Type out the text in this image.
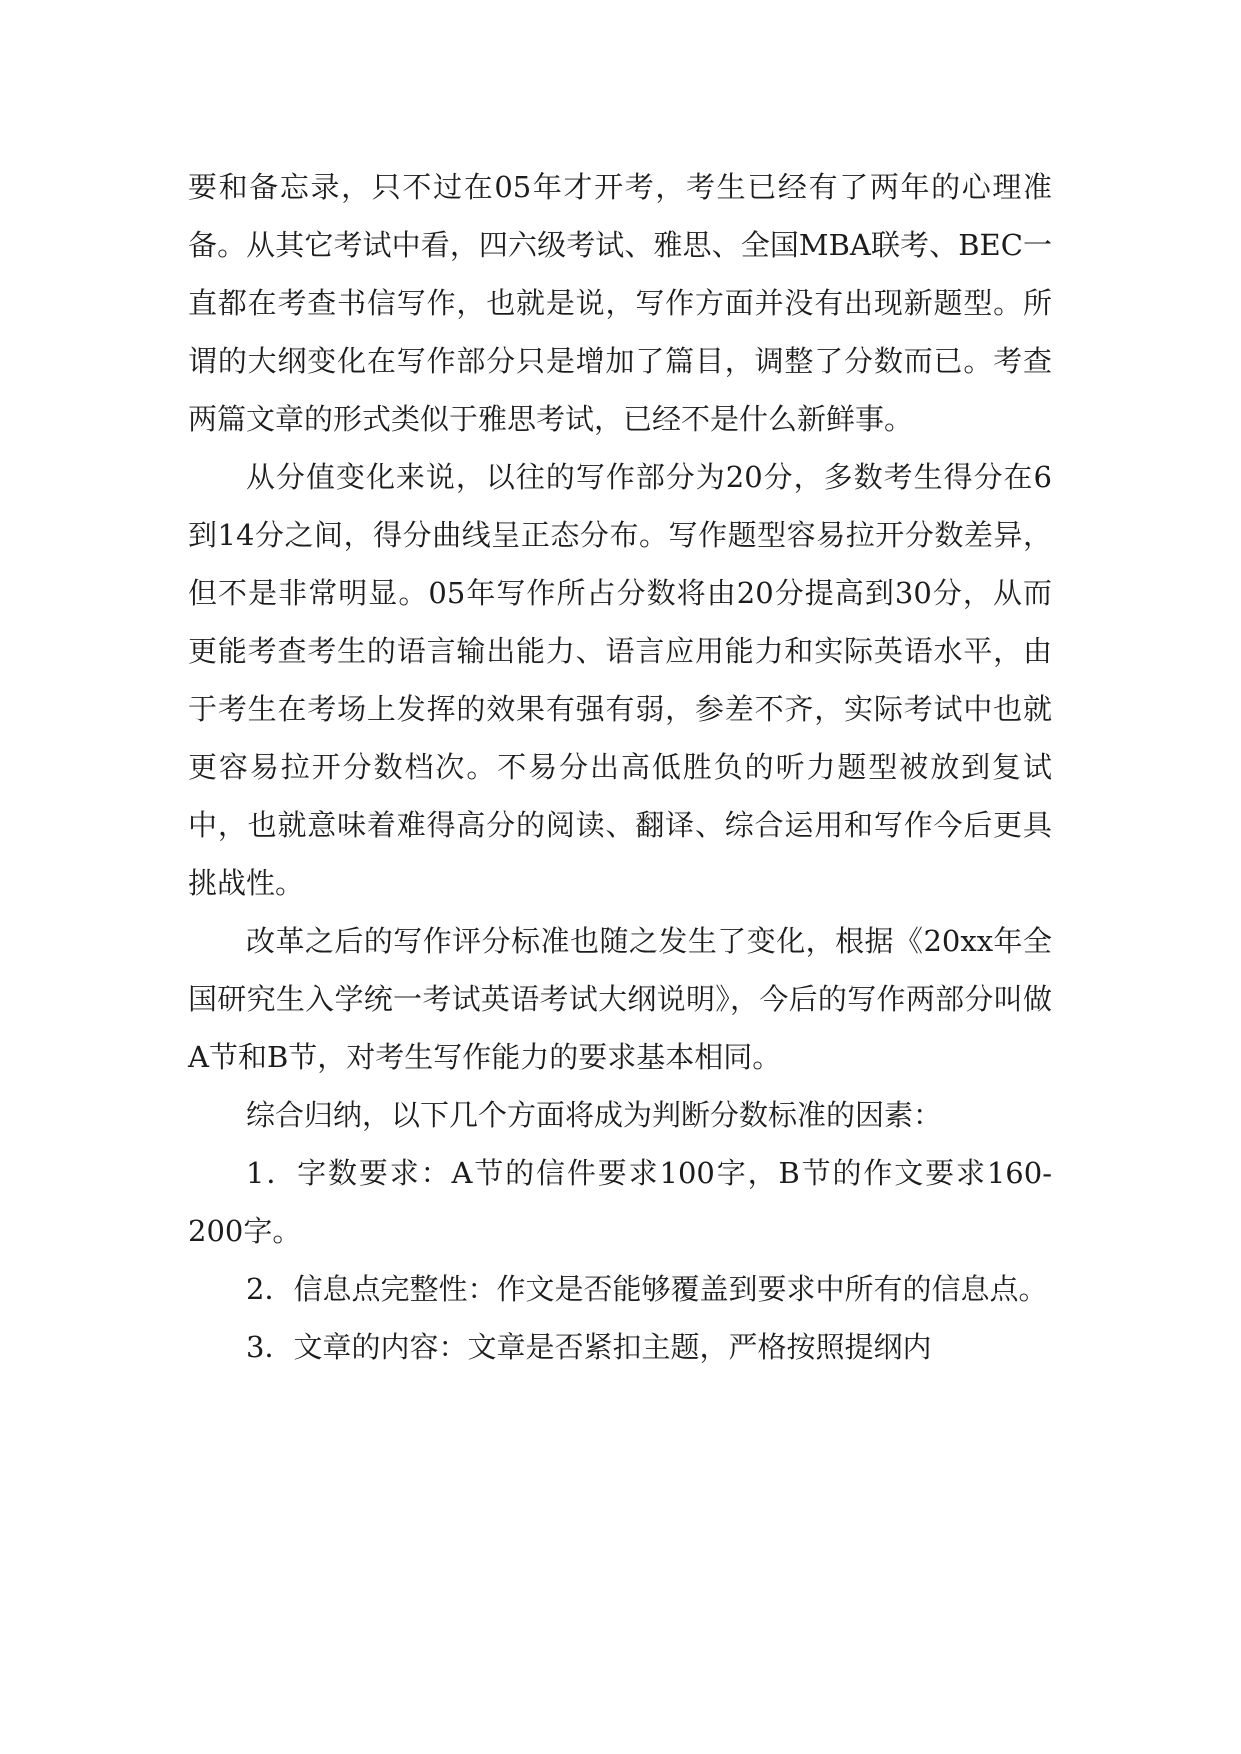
要和备忘录，只不过在05年才开考，考生已经有了两年的心理准备。从其它考试中看，四六级考试、雅思、全国MBA联考、BEC一直都在考查书信写作，也就是说，写作方面并没有出现新题型。所谓的大纲变化在写作部分只是增加了篇目，调整了分数而已。考查两篇文章的形式类似于雅思考试，已经不是什么新鲜事。

从分值变化来说，以往的写作部分为20分，多数考生得分在6到14分之间，得分曲线呈正态分布。写作题型容易拉开分数差异，但不是非常明显。05年写作所占分数将由20分提高到30分，从而更能考查考生的语言输出能力、语言应用能力和实际英语水平，由于考生在考场上发挥的效果有强有弱，参差不齐，实际考试中也就更容易拉开分数档次。不易分出高低胜负的听力题型被放到复试中，也就意味着难得高分的阅读、翻译、综合运用和写作今后更具挑战性。

改革之后的写作评分标准也随之发生了变化，根据《20xx年全国研究生入学统一考试英语考试大纲说明》，今后的写作两部分叫做A节和B节，对考生写作能力的要求基本相同。

综合归纳，以下几个方面将成为判断分数标准的因素：

1．字数要求：A节的信件要求100字，B节的作文要求160-200字。

2．信息点完整性：作文是否能够覆盖到要求中所有的信息点。

3．文章的内容：文章是否紧扣主题，严格按照提纲内
